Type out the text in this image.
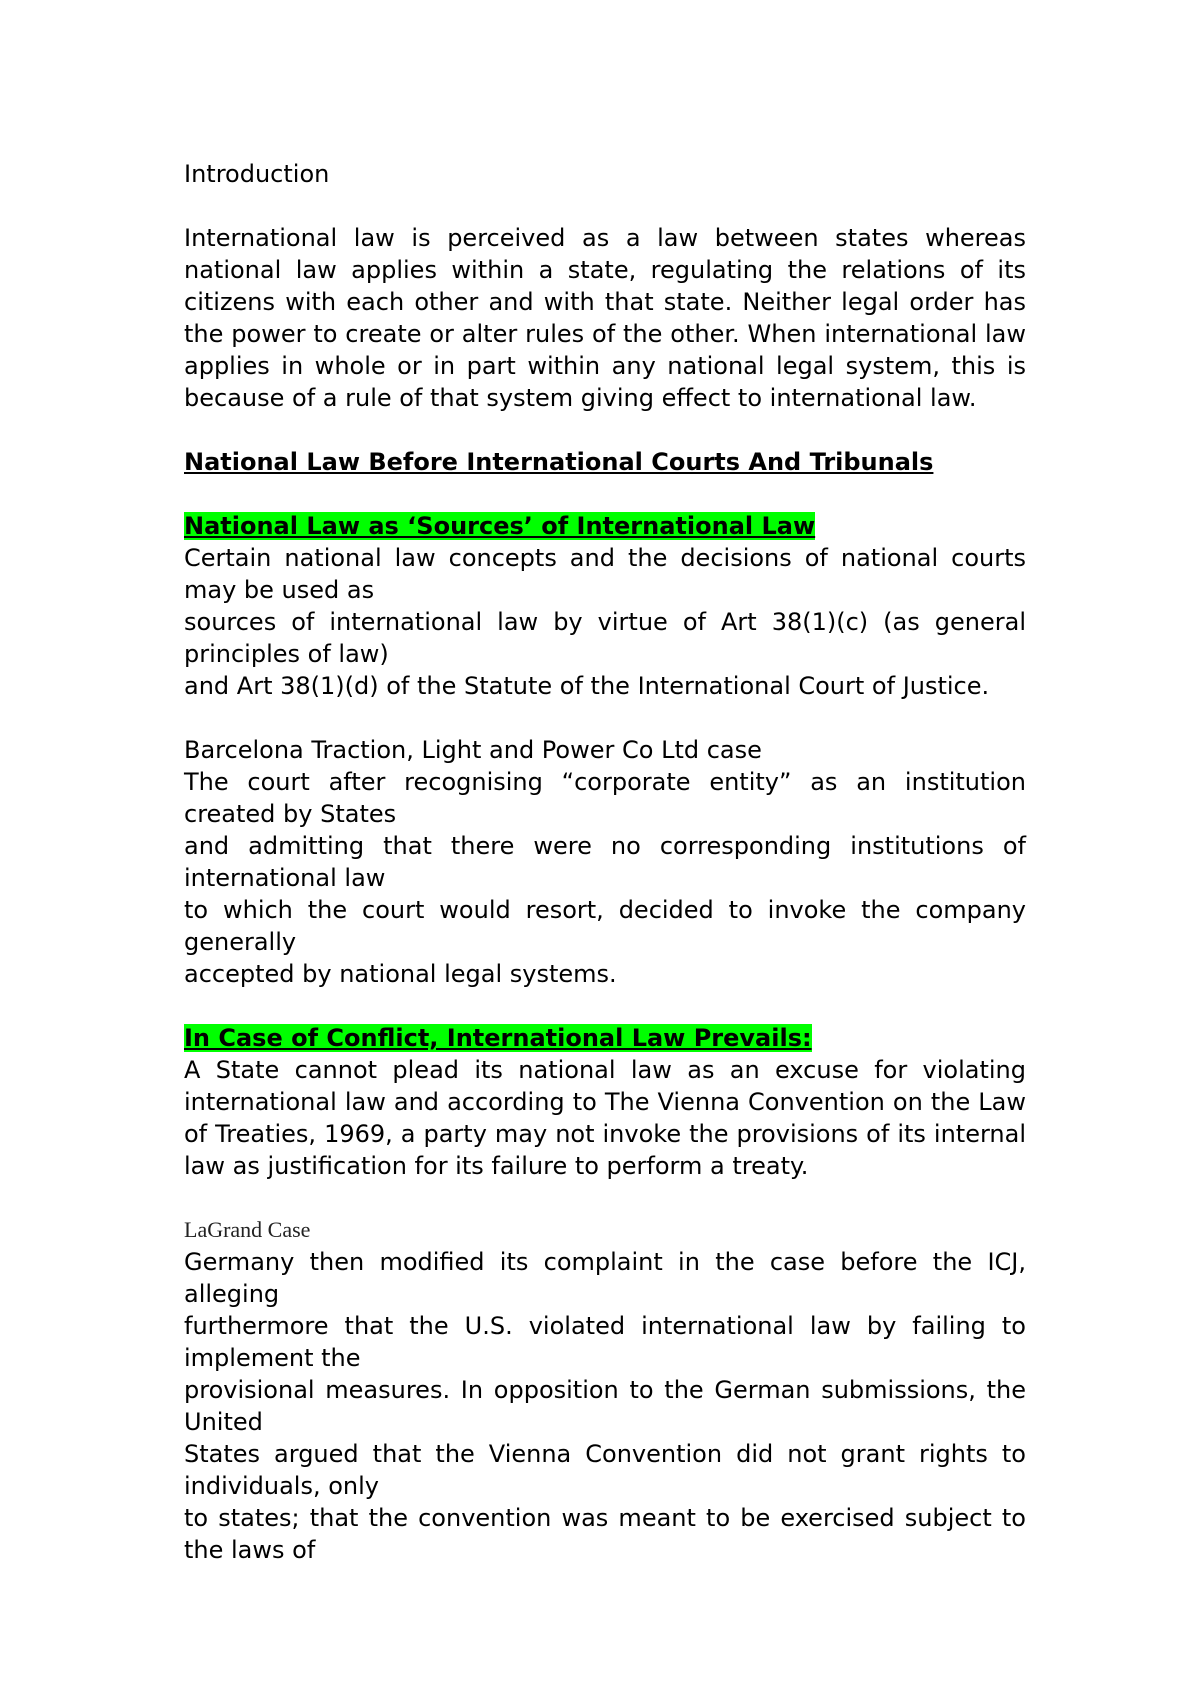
Introduction

International law is perceived as a law between states whereas national law applies within a state, regulating the relations of its citizens with each other and with that state. Neither legal order has the power to create or alter rules of the other. When international law applies in whole or in part within any national legal system, this is because of a rule of that system giving effect to international law.

National Law Before International Courts And Tribunals

National Law as ‘Sources’ of International Law

Certain national law concepts and the decisions of national courts
may be used as
sources of international law by virtue of Art 38(1)(c) (as general
principles of law)
and Art 38(1)(d) of the Statute of the International Court of Justice.

Barcelona Traction, Light and Power Co Ltd case

The court after recognising “corporate entity” as an institution
created by States
and admitting that there were no corresponding institutions of
international law
to which the court would resort, decided to invoke the company
generally
accepted by national legal systems.

In Case of Conflict, International Law Prevails:

A State cannot plead its national law as an excuse for violating international law and according to The Vienna Convention on the Law of Treaties, 1969, a party may not invoke the provisions of its internal law as justification for its failure to perform a treaty.

LaGrand Case

Germany then modified its complaint in the case before the ICJ,
alleging
furthermore that the U.S. violated international law by failing to
implement the
provisional measures. In opposition to the German submissions, the
United
States argued that the Vienna Convention did not grant rights to
individuals, only
to states; that the convention was meant to be exercised subject to
the laws of
